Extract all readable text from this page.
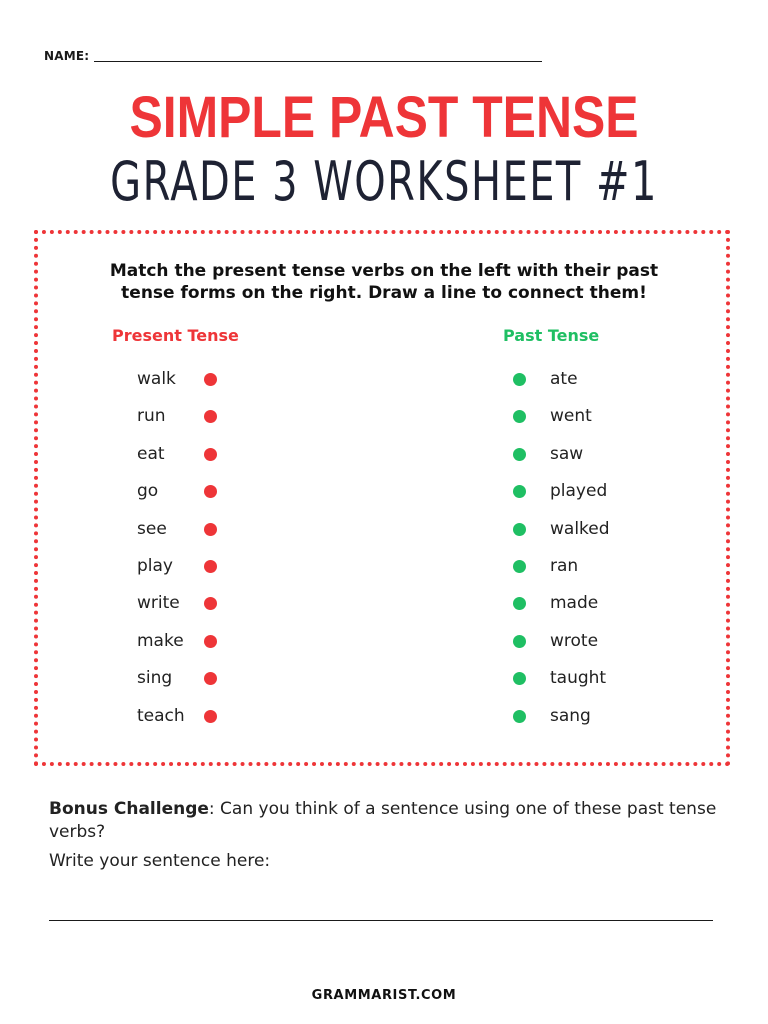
NAME:
SIMPLE PAST TENSE
GRADE 3 WORKSHEET #1
Match the present tense verbs on the left with their past
tense forms on the right. Draw a line to connect them!
Present Tense	Past Tense
walk	ate
run	went
eat	saw
go	played
see	walked
play	ran
write	made
make	wrote
sing	taught
teach	sang
Bonus Challenge: Can you think of a sentence using one of these past tense verbs?
Write your sentence here:
GRAMMARIST.COM
